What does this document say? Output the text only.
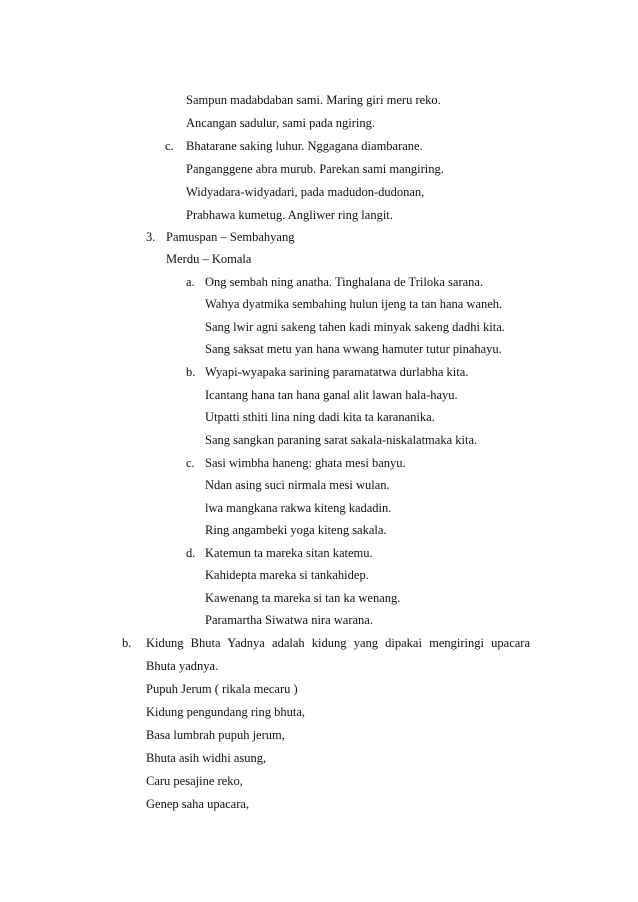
Sampun madabdaban sami. Maring giri meru reko.
Ancangan sadulur, sami pada ngiring.
c. Bhatarane saking luhur. Nggagana diambarane.
Panganggene abra murub. Parekan sami mangiring.
Widyadara-widyadari, pada madudon-dudonan,
Prabhawa kumetug. Angliwer ring langit.
3. Pamuspan – Sembahyang
Merdu – Komala
a. Ong sembah ning anatha. Tinghalana de Triloka sarana.
Wahya dyatmika sembahing hulun ijeng ta tan hana waneh.
Sang lwir agni sakeng tahen kadi minyak sakeng dadhi kita.
Sang saksat metu yan hana wwang hamuter tutur pinahayu.
b. Wyapi-wyapaka sarining paramatatwa durlabha kita.
Icantang hana tan hana ganal alit lawan hala-hayu.
Utpatti sthiti lina ning dadi kita ta karananika.
Sang sangkan paraning sarat sakala-niskalatmaka kita.
c. Sasi wimbha haneng: ghata mesi banyu.
Ndan asing suci nirmala mesi wulan.
lwa mangkana rakwa kiteng kadadin.
Ring angambeki yoga kiteng sakala.
d. Katemun ta mareka sitan katemu.
Kahidepta mareka si tankahidep.
Kawenang ta mareka si tan ka wenang.
Paramartha Siwatwa nira warana.
b. Kidung Bhuta Yadnya adalah kidung yang dipakai mengiringi upacara
Bhuta yadnya.
Pupuh Jerum ( rikala mecaru )
Kidung pengundang ring bhuta,
Basa lumbrah pupuh jerum,
Bhuta asih widhi asung,
Caru pesajine reko,
Genep saha upacara,
